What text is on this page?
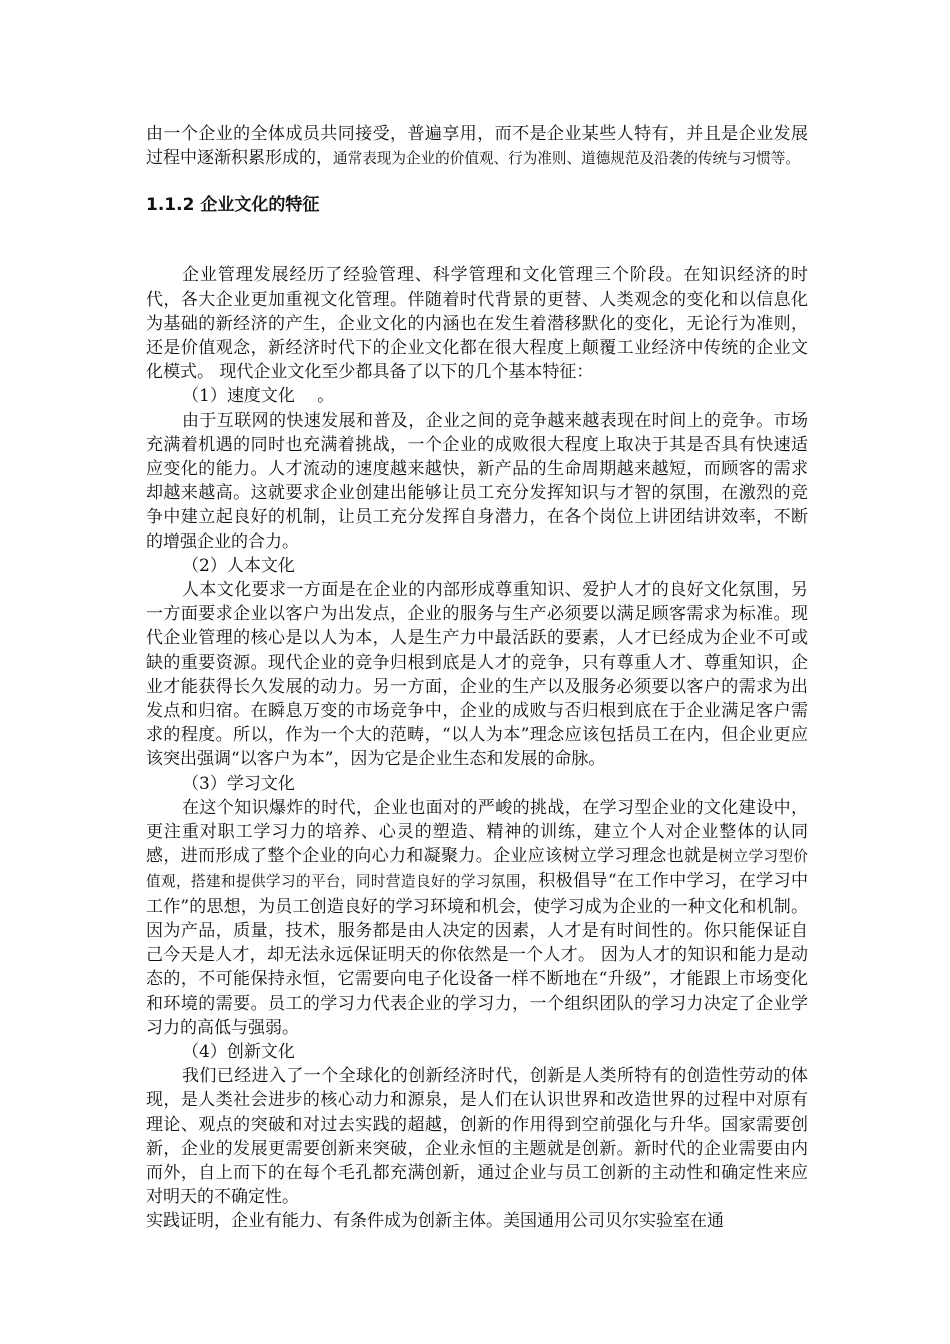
由一个企业的全体成员共同接受，普遍享用，而不是企业某些人特有，并且是企业发展过程中逐渐积累形成的，通常表现为企业的价值观、行为准则、道德规范及沿袭的传统与习惯等。

1.1.2 企业文化的特征

企业管理发展经历了经验管理、科学管理和文化管理三个阶段。在知识经济的时代，各大企业更加重视文化管理。伴随着时代背景的更替、人类观念的变化和以信息化为基础的新经济的产生，企业文化的内涵也在发生着潜移默化的变化，无论行为准则，还是价值观念，新经济时代下的企业文化都在很大程度上颠覆工业经济中传统的企业文化模式。 现代企业文化至少都具备了以下的几个基本特征：

（1）速度文化 　。

由于互联网的快速发展和普及，企业之间的竞争越来越表现在时间上的竞争。市场充满着机遇的同时也充满着挑战，一个企业的成败很大程度上取决于其是否具有快速适应变化的能力。人才流动的速度越来越快，新产品的生命周期越来越短，而顾客的需求却越来越高。这就要求企业创建出能够让员工充分发挥知识与才智的氛围，在激烈的竞争中建立起良好的机制，让员工充分发挥自身潜力，在各个岗位上讲团结讲效率，不断的增强企业的合力。

（2）人本文化

人本文化要求一方面是在企业的内部形成尊重知识、爱护人才的良好文化氛围，另一方面要求企业以客户为出发点，企业的服务与生产必须要以满足顾客需求为标准。现代企业管理的核心是以人为本，人是生产力中最活跃的要素，人才已经成为企业不可或缺的重要资源。现代企业的竞争归根到底是人才的竞争，只有尊重人才、尊重知识，企业才能获得长久发展的动力。另一方面，企业的生产以及服务必须要以客户的需求为出发点和归宿。在瞬息万变的市场竞争中，企业的成败与否归根到底在于企业满足客户需求的程度。所以，作为一个大的范畴，“以人为本”理念应该包括员工在内，但企业更应该突出强调“以客户为本”，因为它是企业生态和发展的命脉。

（3）学习文化

在这个知识爆炸的时代，企业也面对的严峻的挑战，在学习型企业的文化建设中，更注重对职工学习力的培养、心灵的塑造、精神的训练，建立个人对企业整体的认同感，进而形成了整个企业的向心力和凝聚力。企业应该树立学习理念也就是树立学习型价值观，搭建和提供学习的平台，同时营造良好的学习氛围，积极倡导“在工作中学习，在学习中工作”的思想，为员工创造良好的学习环境和机会，使学习成为企业的一种文化和机制。因为产品，质量，技术，服务都是由人决定的因素，人才是有时间性的。你只能保证自己今天是人才，却无法永远保证明天的你依然是一个人才。 因为人才的知识和能力是动态的，不可能保持永恒，它需要向电子化设备一样不断地在“升级”，才能跟上市场变化和环境的需要。员工的学习力代表企业的学习力，一个组织团队的学习力决定了企业学习力的高低与强弱。

（4）创新文化

我们已经进入了一个全球化的创新经济时代，创新是人类所特有的创造性劳动的体现，是人类社会进步的核心动力和源泉，是人们在认识世界和改造世界的过程中对原有理论、观点的突破和对过去实践的超越，创新的作用得到空前强化与升华。国家需要创新，企业的发展更需要创新来突破，企业永恒的主题就是创新。新时代的企业需要由内而外，自上而下的在每个毛孔都充满创新，通过企业与员工创新的主动性和确定性来应对明天的不确定性。

实践证明，企业有能力、有条件成为创新主体。美国通用公司贝尔实验室在通
